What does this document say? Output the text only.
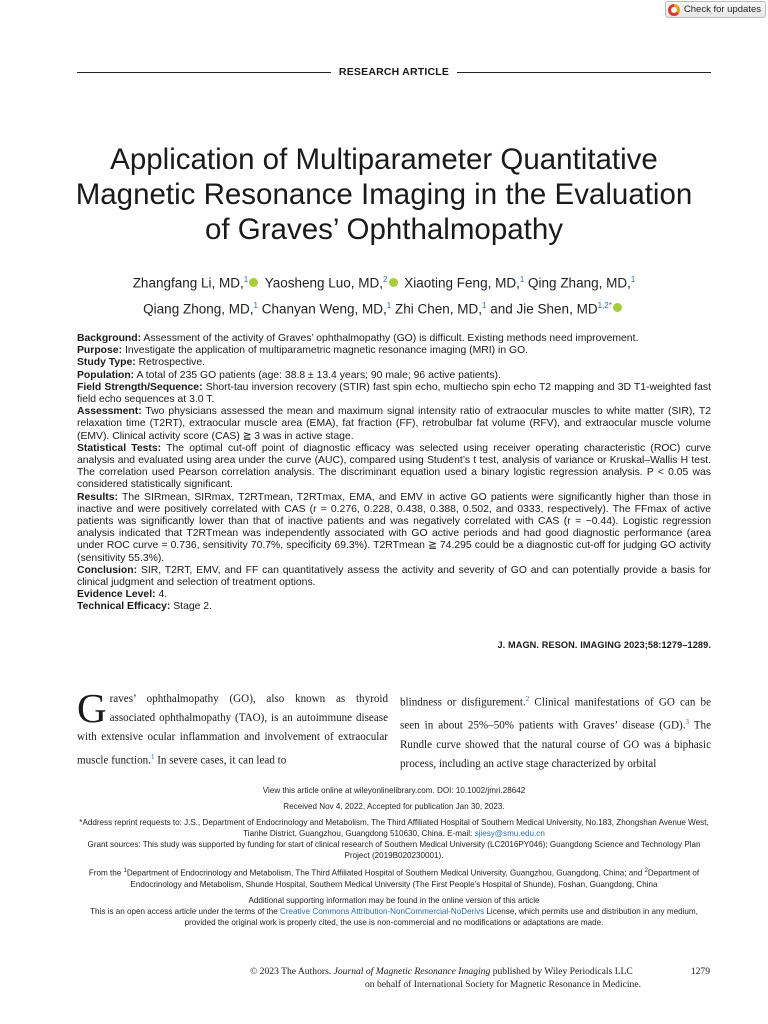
Check for updates
RESEARCH ARTICLE
Application of Multiparameter Quantitative Magnetic Resonance Imaging in the Evaluation of Graves’ Ophthalmopathy
Zhangfang Li, MD,$^1$ Yaosheng Luo, MD,$^2$ Xiaoting Feng, MD,$^1$ Qing Zhang, MD,$^1$
Qiang Zhong, MD,$^1$ Chanyan Weng, MD,$^1$ Zhi Chen, MD,$^1$ and Jie Shen, $MD^{1,2*}$

Background: Assessment of the activity of Graves’ ophthalmopathy (GO) is difficult. Existing methods need improvement.

Purpose: Investigate the application of multiparametric magnetic resonance imaging (MRI) in GO.

Study Type: Retrospective.

Population: A total of 235 GO patients (age: 38.8 ± 13.4 years; 90 male; 96 active patients).

Field Strength/Sequence: Short-tau inversion recovery (STIR) fast spin echo, multiecho spin echo T2 mapping and 3D T1-weighted fast field echo sequences at 3.0 T.

Assessment: Two physicians assessed the mean and maximum signal intensity ratio of extraocular muscles to white matter (SIR), T2 relaxation time (T2RT), extraocular muscle area (EMA), fat fraction (FF), retrobulbar fat volume (RFV), and extraocular muscle volume (EMV). Clinical activity score (CAS) ≧ 3 was in active stage.

Statistical Tests: The optimal cut-off point of diagnostic efficacy was selected using receiver operating characteristic (ROC) curve analysis and evaluated using area under the curve (AUC), compared using Student’s t test, analysis of variance or Kruskal–Wallis H test. The correlation used Pearson correlation analysis. The discriminant equation used a binary logistic regression analysis. P < 0.05 was considered statistically significant.

Results: The SIRmean, SIRmax, T2RTmean, T2RTmax, EMA, and EMV in active GO patients were significantly higher than those in inactive and were positively correlated with CAS (r = 0.276, 0.228, 0.438, 0.388, 0.502, and 0333, respectively). The FFmax of active patients was significantly lower than that of inactive patients and was negatively correlated with CAS (r = −0.44). Logistic regression analysis indicated that T2RTmean was independently associated with GO active periods and had good diagnostic performance (area under ROC curve = 0.736, sensitivity 70.7%, specificity 69.3%). T2RTmean ≧ 74.295 could be a diagnostic cut-off for judging GO activity (sensitivity 55.3%).

Conclusion: SIR, T2RT, EMV, and FF can quantitatively assess the activity and severity of GO and can potentially provide a basis for clinical judgment and selection of treatment options.

Evidence Level: 4.

Technical Efficacy: Stage 2.

J. MAGN. RESON. IMAGING 2023;58:1279–1289.
Graves’ ophthalmopathy (GO), also known as thyroid associated ophthalmopathy (TAO), is an autoimmune disease with extensive ocular inflammation and involvement of extraocular muscle function.$^1$ In severe cases, it can lead to
blindness or disfigurement.$^2$ Clinical manifestations of GO can be seen in about 25%–50% patients with Graves’ disease (GD).$^3$ The Rundle curve showed that the natural course of GO was a biphasic process, including an active stage characterized by orbital

View this article online at wileyonlinelibrary.com. DOI: 10.1002/jmri.28642

Received Nov 4, 2022, Accepted for publication Jan 30, 2023.

*Address reprint requests to: J.S., Department of Endocrinology and Metabolism, The Third Affiliated Hospital of Southern Medical University, No.183, Zhongshan Avenue West, Tianhe District, Guangzhou, Guangdong 510630, China. E-mail: sjiesy@smu.edu.cn

Grant sources: This study was supported by funding for start of clinical research of Southern Medical University (LC2016PY046); Guangdong Science and Technology Plan Project (2019B020230001).

From the $^1$Department of Endocrinology and Metabolism, The Third Affiliated Hospital of Southern Medical University, Guangzhou, Guangdong, China; and $^2$Department of Endocrinology and Metabolism, Shunde Hospital, Southern Medical University (The First People’s Hospital of Shunde), Foshan, Guangdong, China

Additional supporting information may be found in the online version of this article

This is an open access article under the terms of the Creative Commons Attribution-NonCommercial-NoDerivs License, which permits use and distribution in any medium, provided the original work is properly cited, the use is non-commercial and no modifications or adaptations are made.

© 2023 The Authors. Journal of Magnetic Resonance Imaging published by Wiley Periodicals LLC	1279
on behalf of International Society for Magnetic Resonance in Medicine.
